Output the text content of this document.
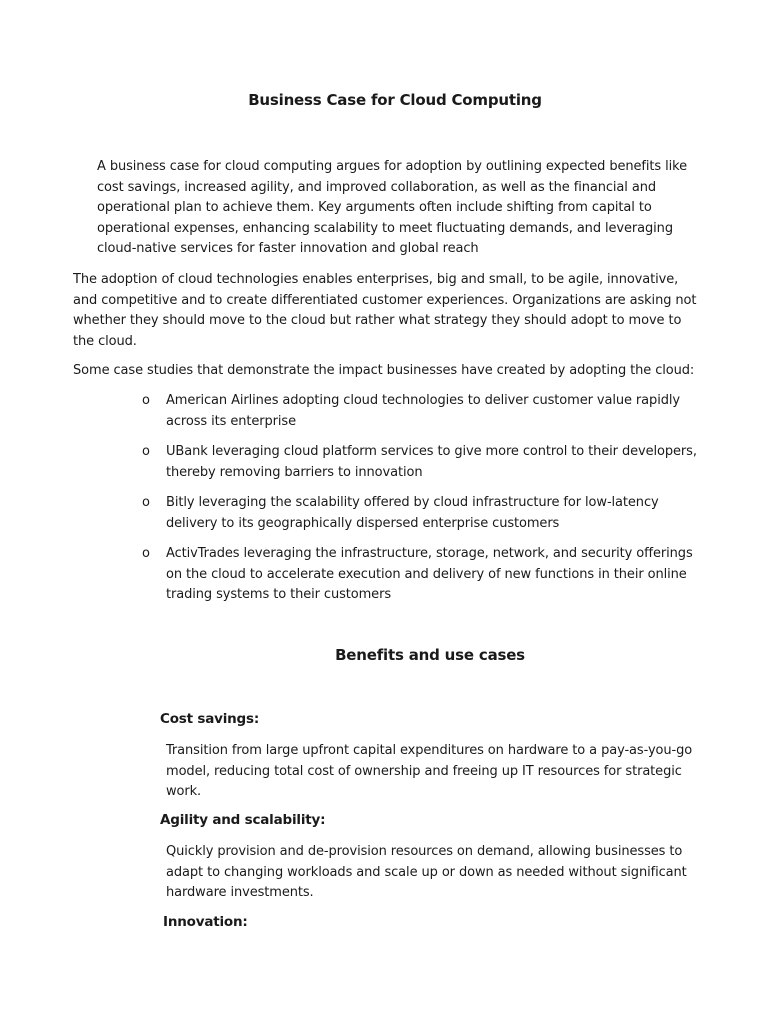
Business Case for Cloud Computing

A business case for cloud computing argues for adoption by outlining expected benefits like cost savings, increased agility, and improved collaboration, as well as the financial and operational plan to achieve them. Key arguments often include shifting from capital to operational expenses, enhancing scalability to meet fluctuating demands, and leveraging cloud-native services for faster innovation and global reach

The adoption of cloud technologies enables enterprises, big and small, to be agile, innovative, and competitive and to create differentiated customer experiences. Organizations are asking not whether they should move to the cloud but rather what strategy they should adopt to move to the cloud.

Some case studies that demonstrate the impact businesses have created by adopting the cloud:

o American Airlines adopting cloud technologies to deliver customer value rapidly across its enterprise

o UBank leveraging cloud platform services to give more control to their developers, thereby removing barriers to innovation

o Bitly leveraging the scalability offered by cloud infrastructure for low-latency delivery to its geographically dispersed enterprise customers

o ActivTrades leveraging the infrastructure, storage, network, and security offerings on the cloud to accelerate execution and delivery of new functions in their online trading systems to their customers

Benefits and use cases
Cost savings:

Transition from large upfront capital expenditures on hardware to a pay-as-you-go model, reducing total cost of ownership and freeing up IT resources for strategic work.

Agility and scalability:

Quickly provision and de-provision resources on demand, allowing businesses to adapt to changing workloads and scale up or down as needed without significant hardware investments.

Innovation:
